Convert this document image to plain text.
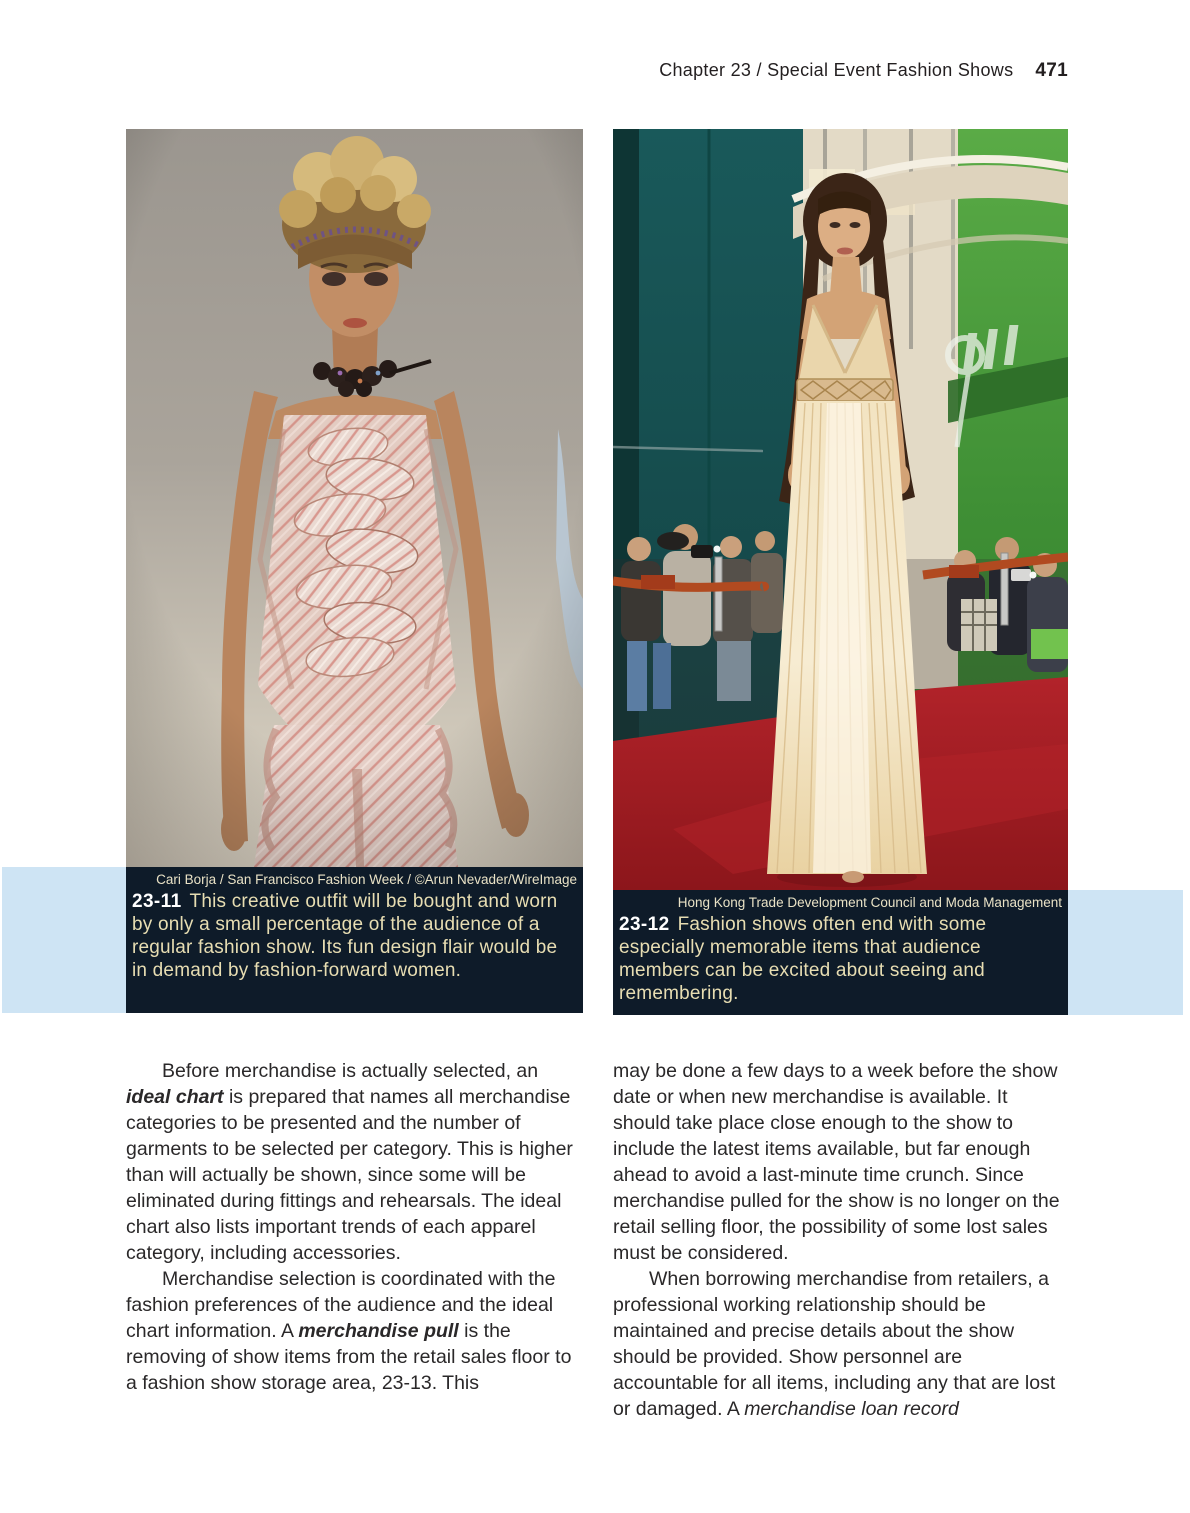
Chapter 23 / Special Event Fashion Shows 471
Cari Borja / San Francisco Fashion Week / ©Arun Nevader/WireImage

23-11 This creative outfit will be bought and worn by only a small percentage of the audience of a regular fashion show. Its fun design flair would be in demand by fashion-forward women.

Hong Kong Trade Development Council and Moda Management

23-12 Fashion shows often end with some especially memorable items that audience members can be excited about seeing and remembering.

Before merchandise is actually selected, an ideal chart is prepared that names all merchandise categories to be presented and the number of garments to be selected per category. This is higher than will actually be shown, since some will be eliminated during fittings and rehearsals. The ideal chart also lists important trends of each apparel category, including accessories.

Merchandise selection is coordinated with the fashion preferences of the audience and the ideal chart information. A merchandise pull is the removing of show items from the retail sales floor to a fashion show storage area, 23-13. This

may be done a few days to a week before the show date or when new merchandise is available. It should take place close enough to the show to include the latest items available, but far enough ahead to avoid a last-minute time crunch. Since merchandise pulled for the show is no longer on the retail selling floor, the possibility of some lost sales must be considered.

When borrowing merchandise from retailers, a professional working relationship should be maintained and precise details about the show should be provided. Show personnel are accountable for all items, including any that are lost or damaged. A merchandise loan record
